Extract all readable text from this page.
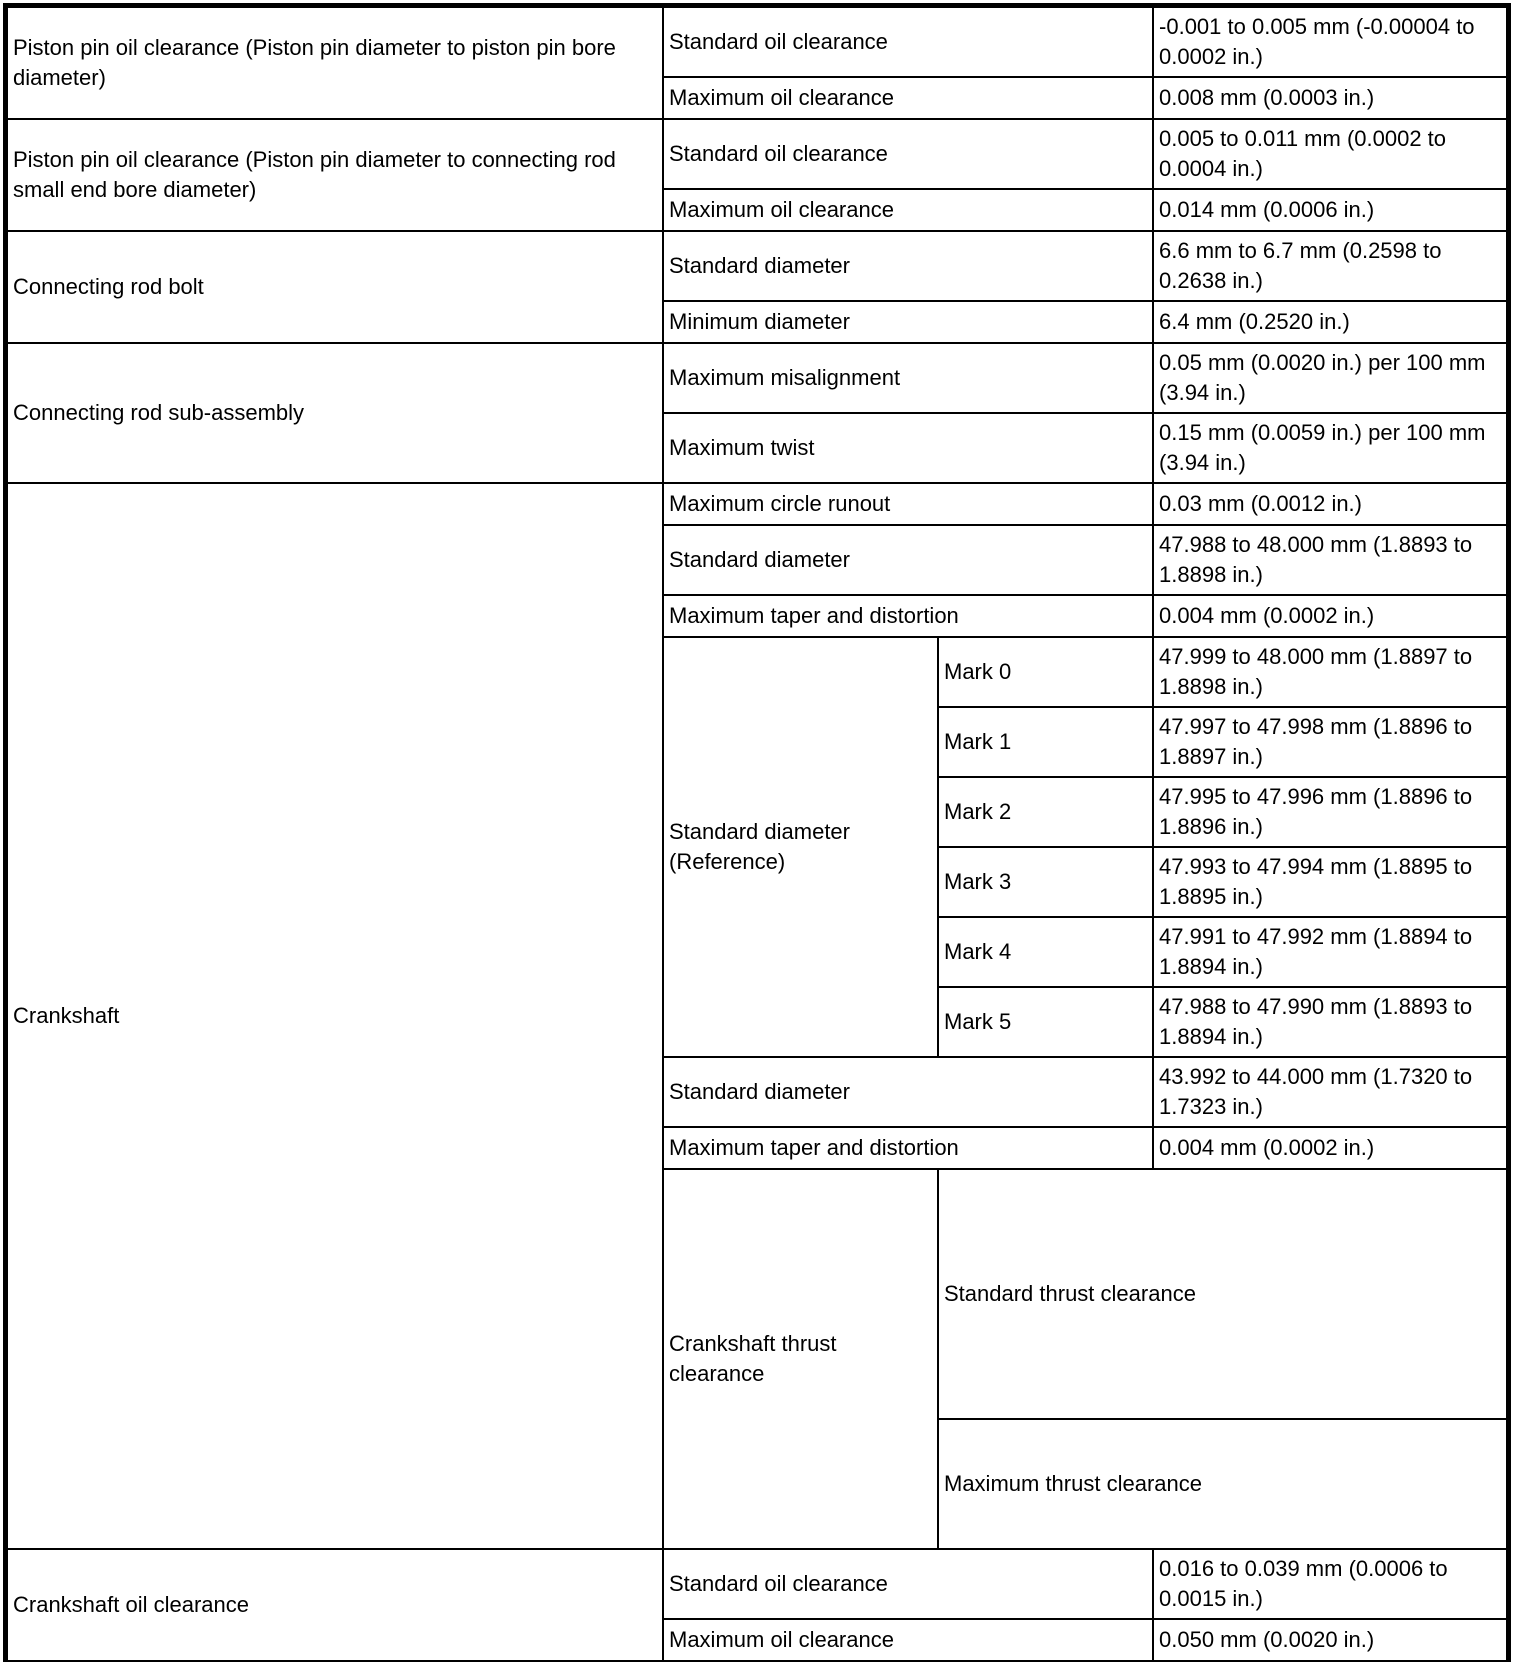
Piston pin oil clearance (Piston pin diameter to piston pin bore diameter)	Standard oil clearance		-0.001 to 0.005 mm (-0.00004 to 0.0002 in.)	
	Maximum oil clearance		0.008 mm (0.0003 in.)	
Piston pin oil clearance (Piston pin diameter to connecting rod small end bore diameter)	Standard oil clearance		0.005 to 0.011 mm (0.0002 to 0.0004 in.)	
	Maximum oil clearance		0.014 mm (0.0006 in.)	
Connecting rod bolt	Standard diameter		6.6 mm to 6.7 mm (0.2598 to 0.2638 in.)	
	Minimum diameter		6.4 mm (0.2520 in.)	
Connecting rod sub-assembly	Maximum misalignment		0.05 mm (0.0020 in.) per 100 mm (3.94 in.)	
	Maximum twist		0.15 mm (0.0059 in.) per 100 mm (3.94 in.)	
Crankshaft	Maximum circle runout		0.03 mm (0.0012 in.)	
	Standard diameter		47.988 to 48.000 mm (1.8893 to 1.8898 in.)	
	Maximum taper and distortion		0.004 mm (0.0002 in.)	
	Standard diameter (Reference)	Mark 0	47.999 to 48.000 mm (1.8897 to 1.8898 in.)	
		Mark 1	47.997 to 47.998 mm (1.8896 to 1.8897 in.)	
		Mark 2	47.995 to 47.996 mm (1.8896 to 1.8896 in.)	
		Mark 3	47.993 to 47.994 mm (1.8895 to 1.8895 in.)	
		Mark 4	47.991 to 47.992 mm (1.8894 to 1.8894 in.)	
		Mark 5	47.988 to 47.990 mm (1.8893 to 1.8894 in.)	
	Standard diameter		43.992 to 44.000 mm (1.7320 to 1.7323 in.)	
	Maximum taper and distortion		0.004 mm (0.0002 in.)	
	Crankshaft thrust clearance	Standard thrust clearance	
		Maximum thrust clearance	
Crankshaft oil clearance	Standard oil clearance		0.016 to 0.039 mm (0.0006 to 0.0015 in.)	
	Maximum oil clearance		0.050 mm (0.0020 in.)	
